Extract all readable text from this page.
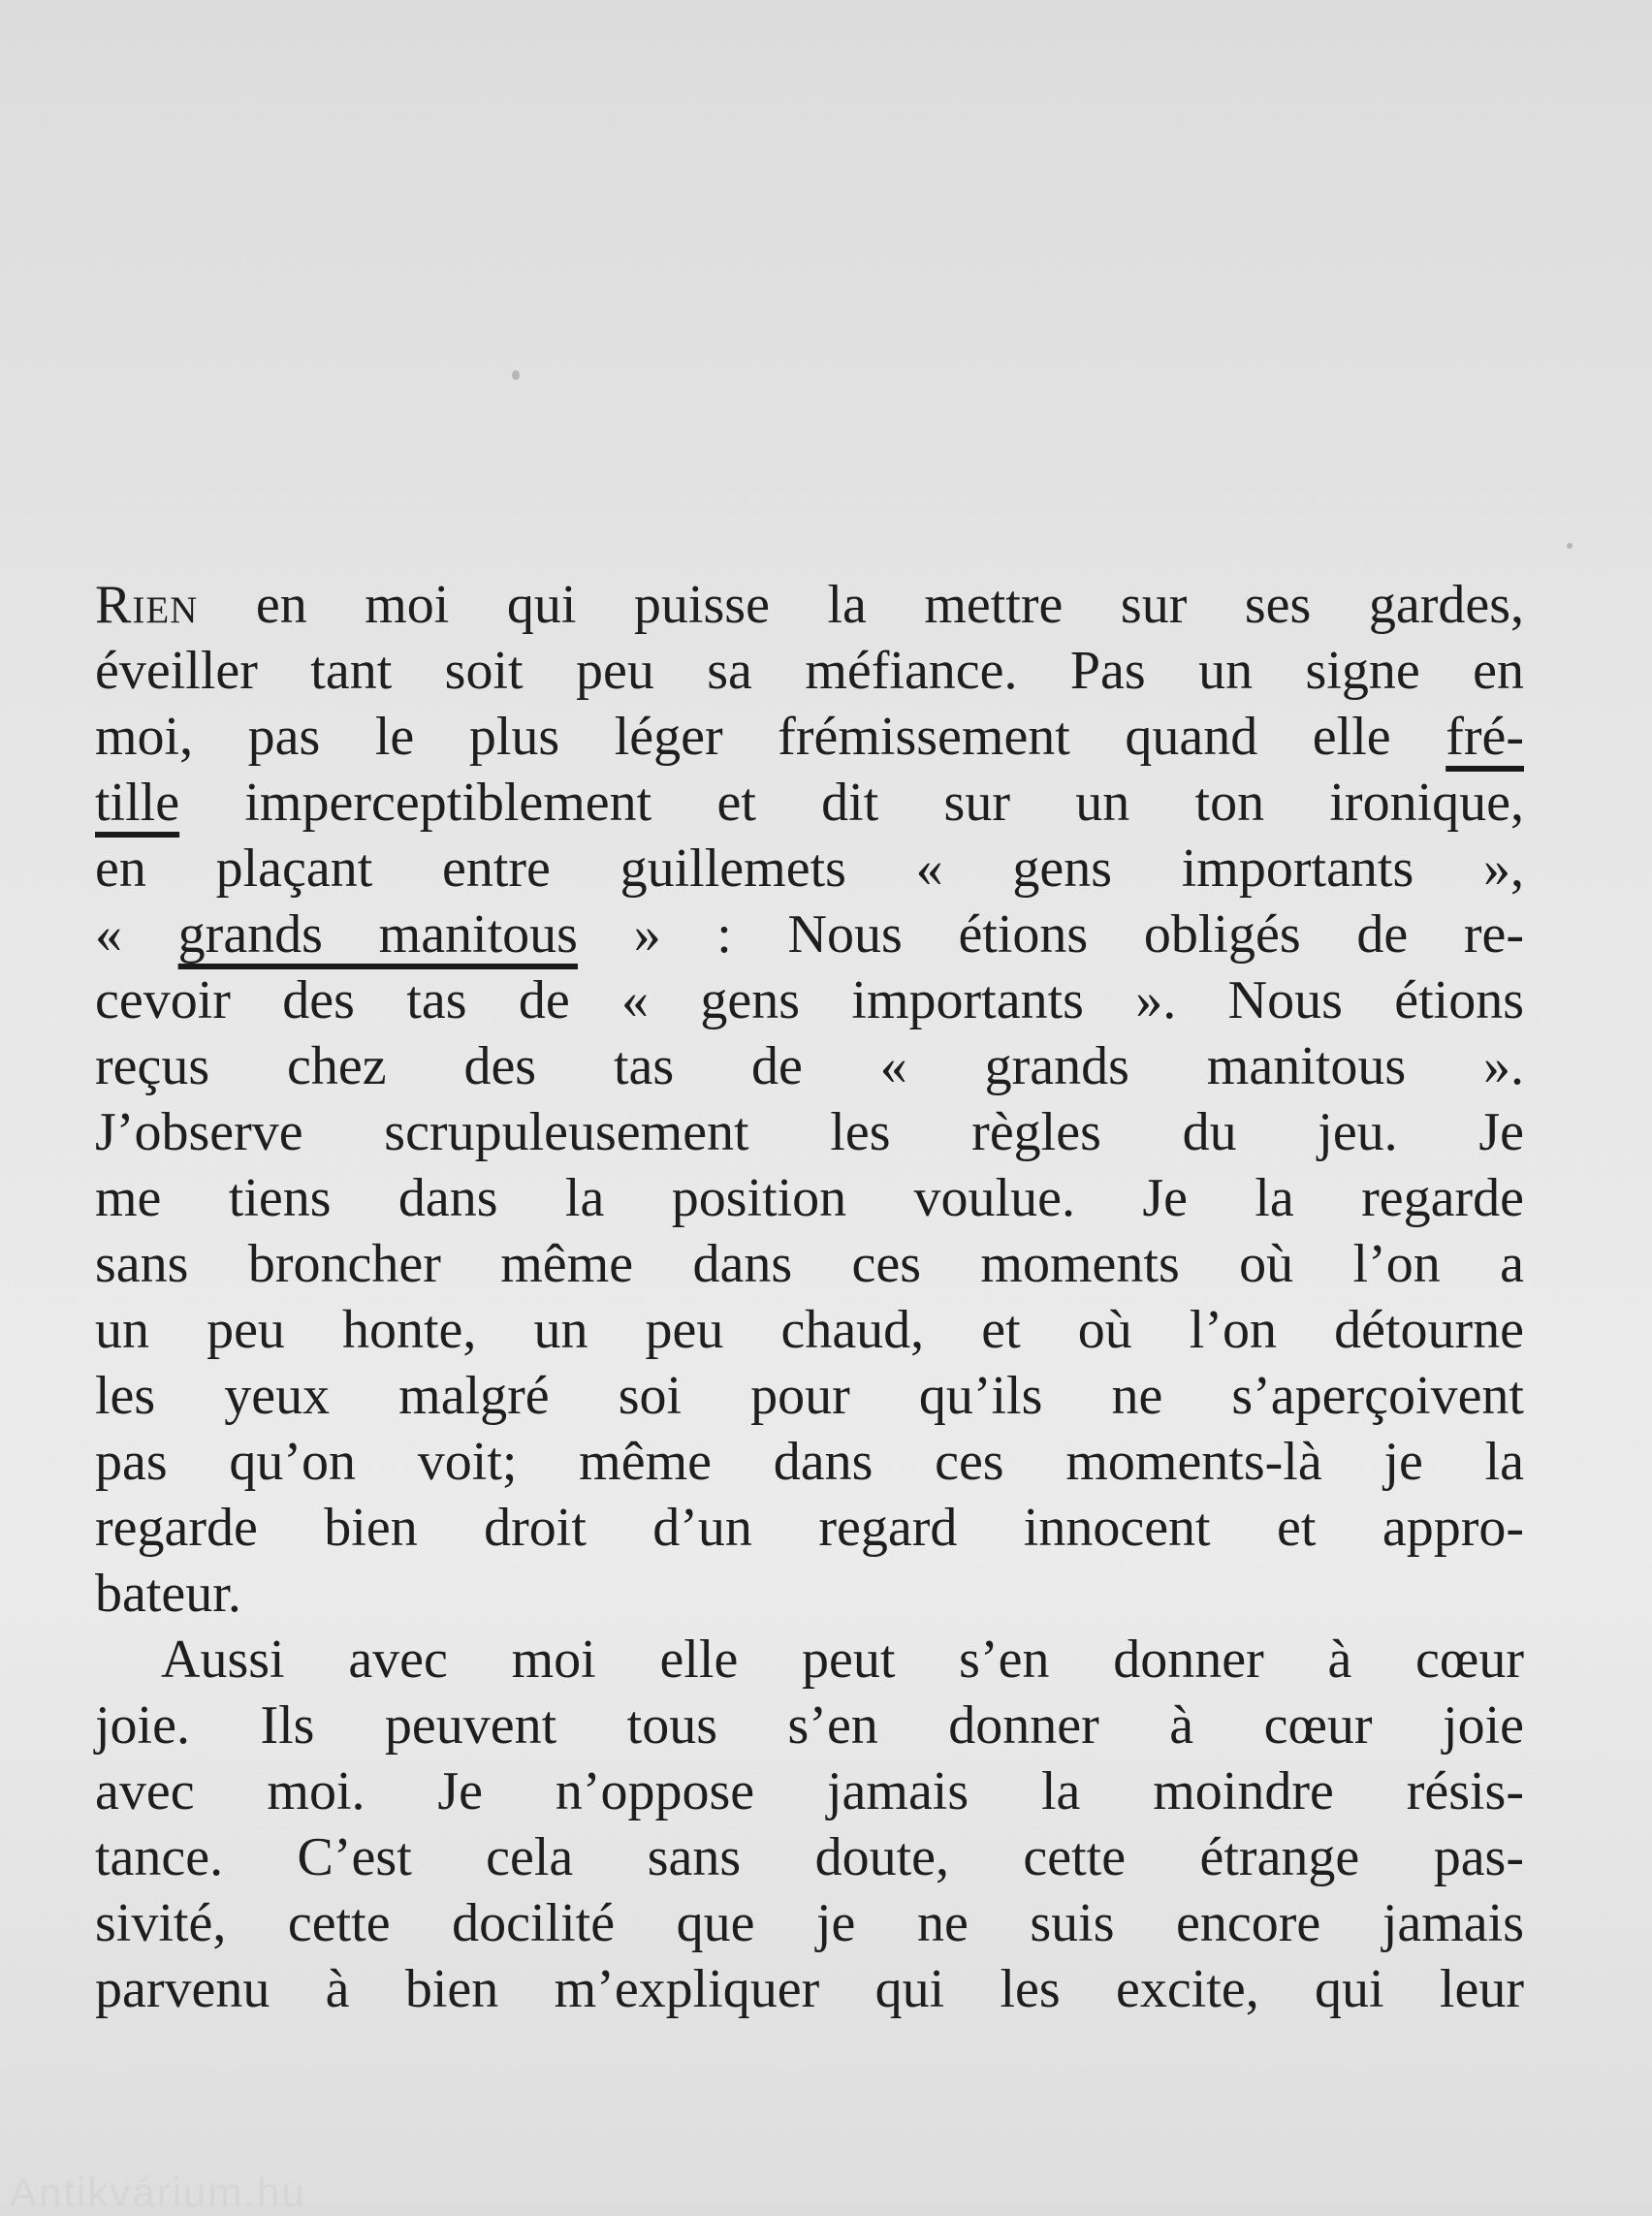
Rien en moi qui puisse la mettre sur ses gardes,
éveiller tant soit peu sa méfiance. Pas un signe en
moi, pas le plus léger frémissement quand elle fré-
tille imperceptiblement et dit sur un ton ironique,
en plaçant entre guillemets « gens importants »,
« grands manitous » : Nous étions obligés de re-
cevoir des tas de « gens importants ». Nous étions
reçus chez des tas de « grands manitous ».
J’observe scrupuleusement les règles du jeu. Je
me tiens dans la position voulue. Je la regarde
sans broncher même dans ces moments où l’on a
un peu honte, un peu chaud, et où l’on détourne
les yeux malgré soi pour qu’ils ne s’aperçoivent
pas qu’on voit; même dans ces moments-là je la
regarde bien droit d’un regard innocent et appro-
bateur.
Aussi avec moi elle peut s’en donner à cœur
joie. Ils peuvent tous s’en donner à cœur joie
avec moi. Je n’oppose jamais la moindre résis-
tance. C’est cela sans doute, cette étrange pas-
sivité, cette docilité que je ne suis encore jamais
parvenu à bien m’expliquer qui les excite, qui leur
Antikvárium.hu
